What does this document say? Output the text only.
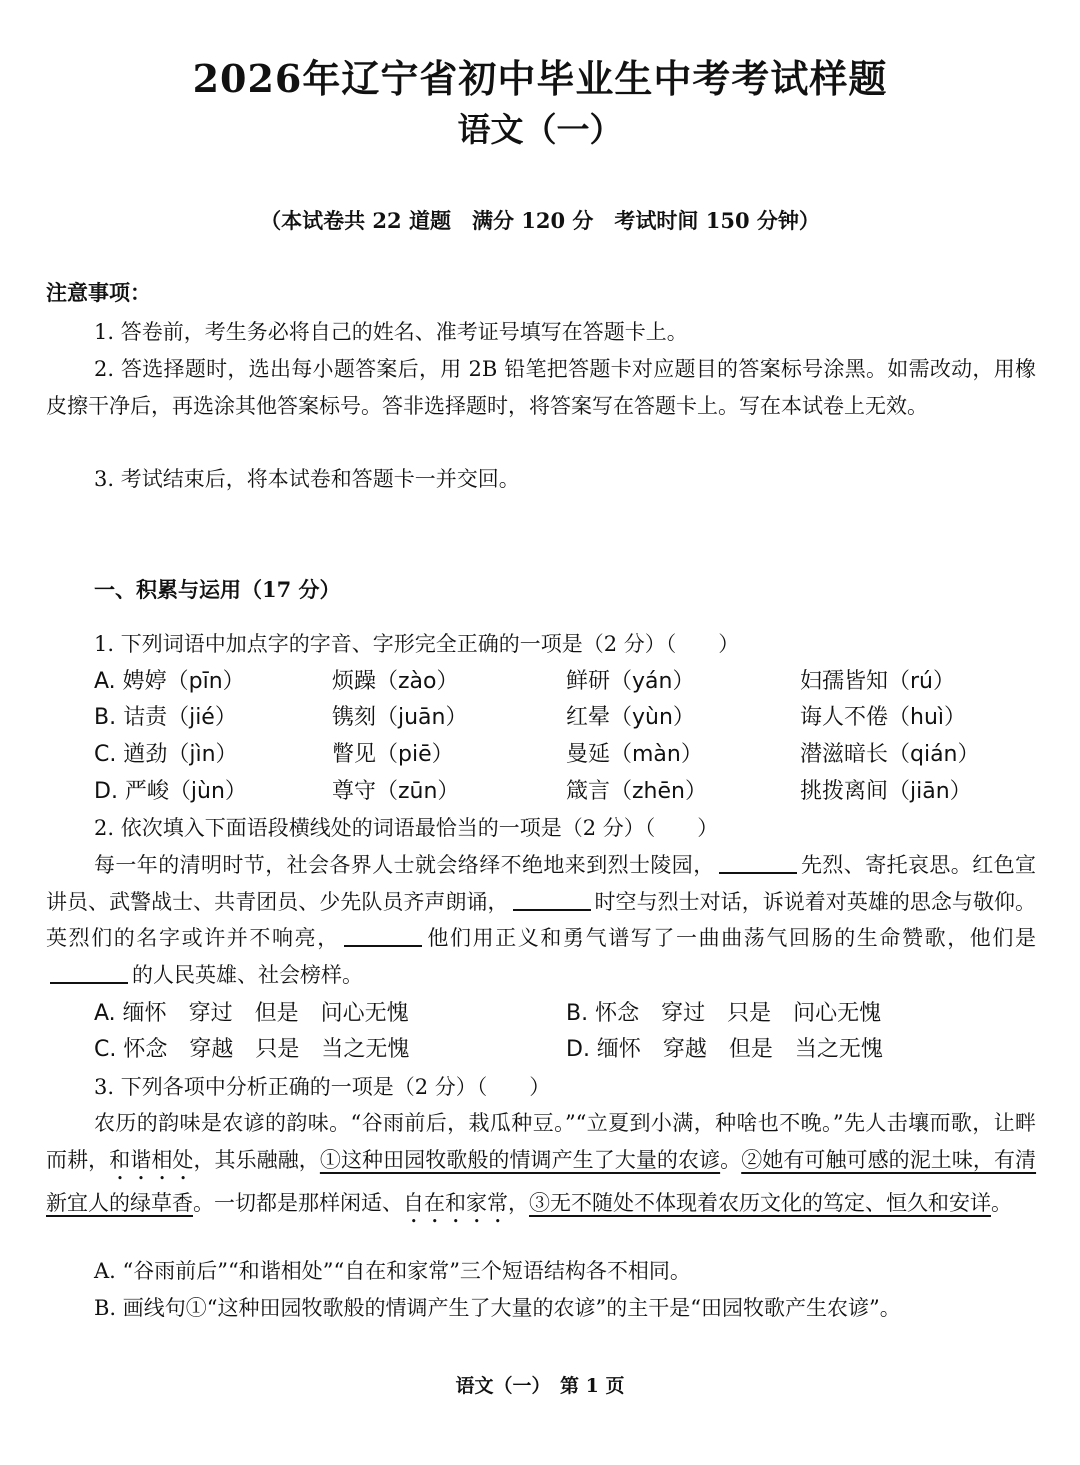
2026年辽宁省初中毕业生中考考试样题
语文（一）
（本试卷共 22 道题　满分 120 分　考试时间 150 分钟）
注意事项：
1. 答卷前，考生务必将自己的姓名、准考证号填写在答题卡上。
2. 答选择题时，选出每小题答案后，用 2B 铅笔把答题卡对应题目的答案标号涂黑。如需改动，用橡皮擦干净后，再选涂其他答案标号。答非选择题时，将答案写在答题卡上。写在本试卷上无效。
3. 考试结束后，将本试卷和答题卡一并交回。
一、积累与运用（17 分）
1. 下列词语中加点字的字音、字形完全正确的一项是（2 分）（　　）
A. 娉婷（pīn）	烦躁（zào）	鲜研（yán）	妇孺皆知（rú）
B. 诘责（jié）	镌刻（juān）	红晕（yùn）	诲人不倦（huì）
C. 遒劲（jìn）	瞥见（piē）	曼延（màn）	潜滋暗长（qián）
D. 严峻（jùn）	尊守（zūn）	箴言（zhēn）	挑拨离间（jiān）
2. 依次填入下面语段横线处的词语最恰当的一项是（2 分）（　　）
每一年的清明时节，社会各界人士就会络绎不绝地来到烈士陵园，	先烈、寄托哀思。红色宣讲员、武警战士、共青团员、少先队员齐声朗诵，	时空与烈士对话，诉说着对英雄的思念与敬仰。英烈们的名字或许并不响亮，	他们用正义和勇气谱写了一曲曲荡气回肠的生命赞歌，他们是的人民英雄、社会榜样。
A. 缅怀　穿过　但是　问心无愧	B. 怀念　穿过　只是　问心无愧
C. 怀念　穿越　只是　当之无愧	D. 缅怀　穿越　但是　当之无愧
3. 下列各项中分析正确的一项是（2 分）（　　）
农历的韵味是农谚的韵味。“谷雨前后，栽瓜种豆。”“立夏到小满，种啥也不晚。”先人击壤而歌，让畔而耕，和谐相处，其乐融融，①这种田园牧歌般的情调产生了大量的农谚。②她有可触可感的泥土味，有清新宜人的绿草香。一切都是那样闲适、自在和家常，③无不随处不体现着农历文化的笃定、恒久和安详。
A. “谷雨前后”“和谐相处”“自在和家常”三个短语结构各不相同。
B. 画线句①“这种田园牧歌般的情调产生了大量的农谚”的主干是“田园牧歌产生农谚”。
语文（一）　第 1 页
